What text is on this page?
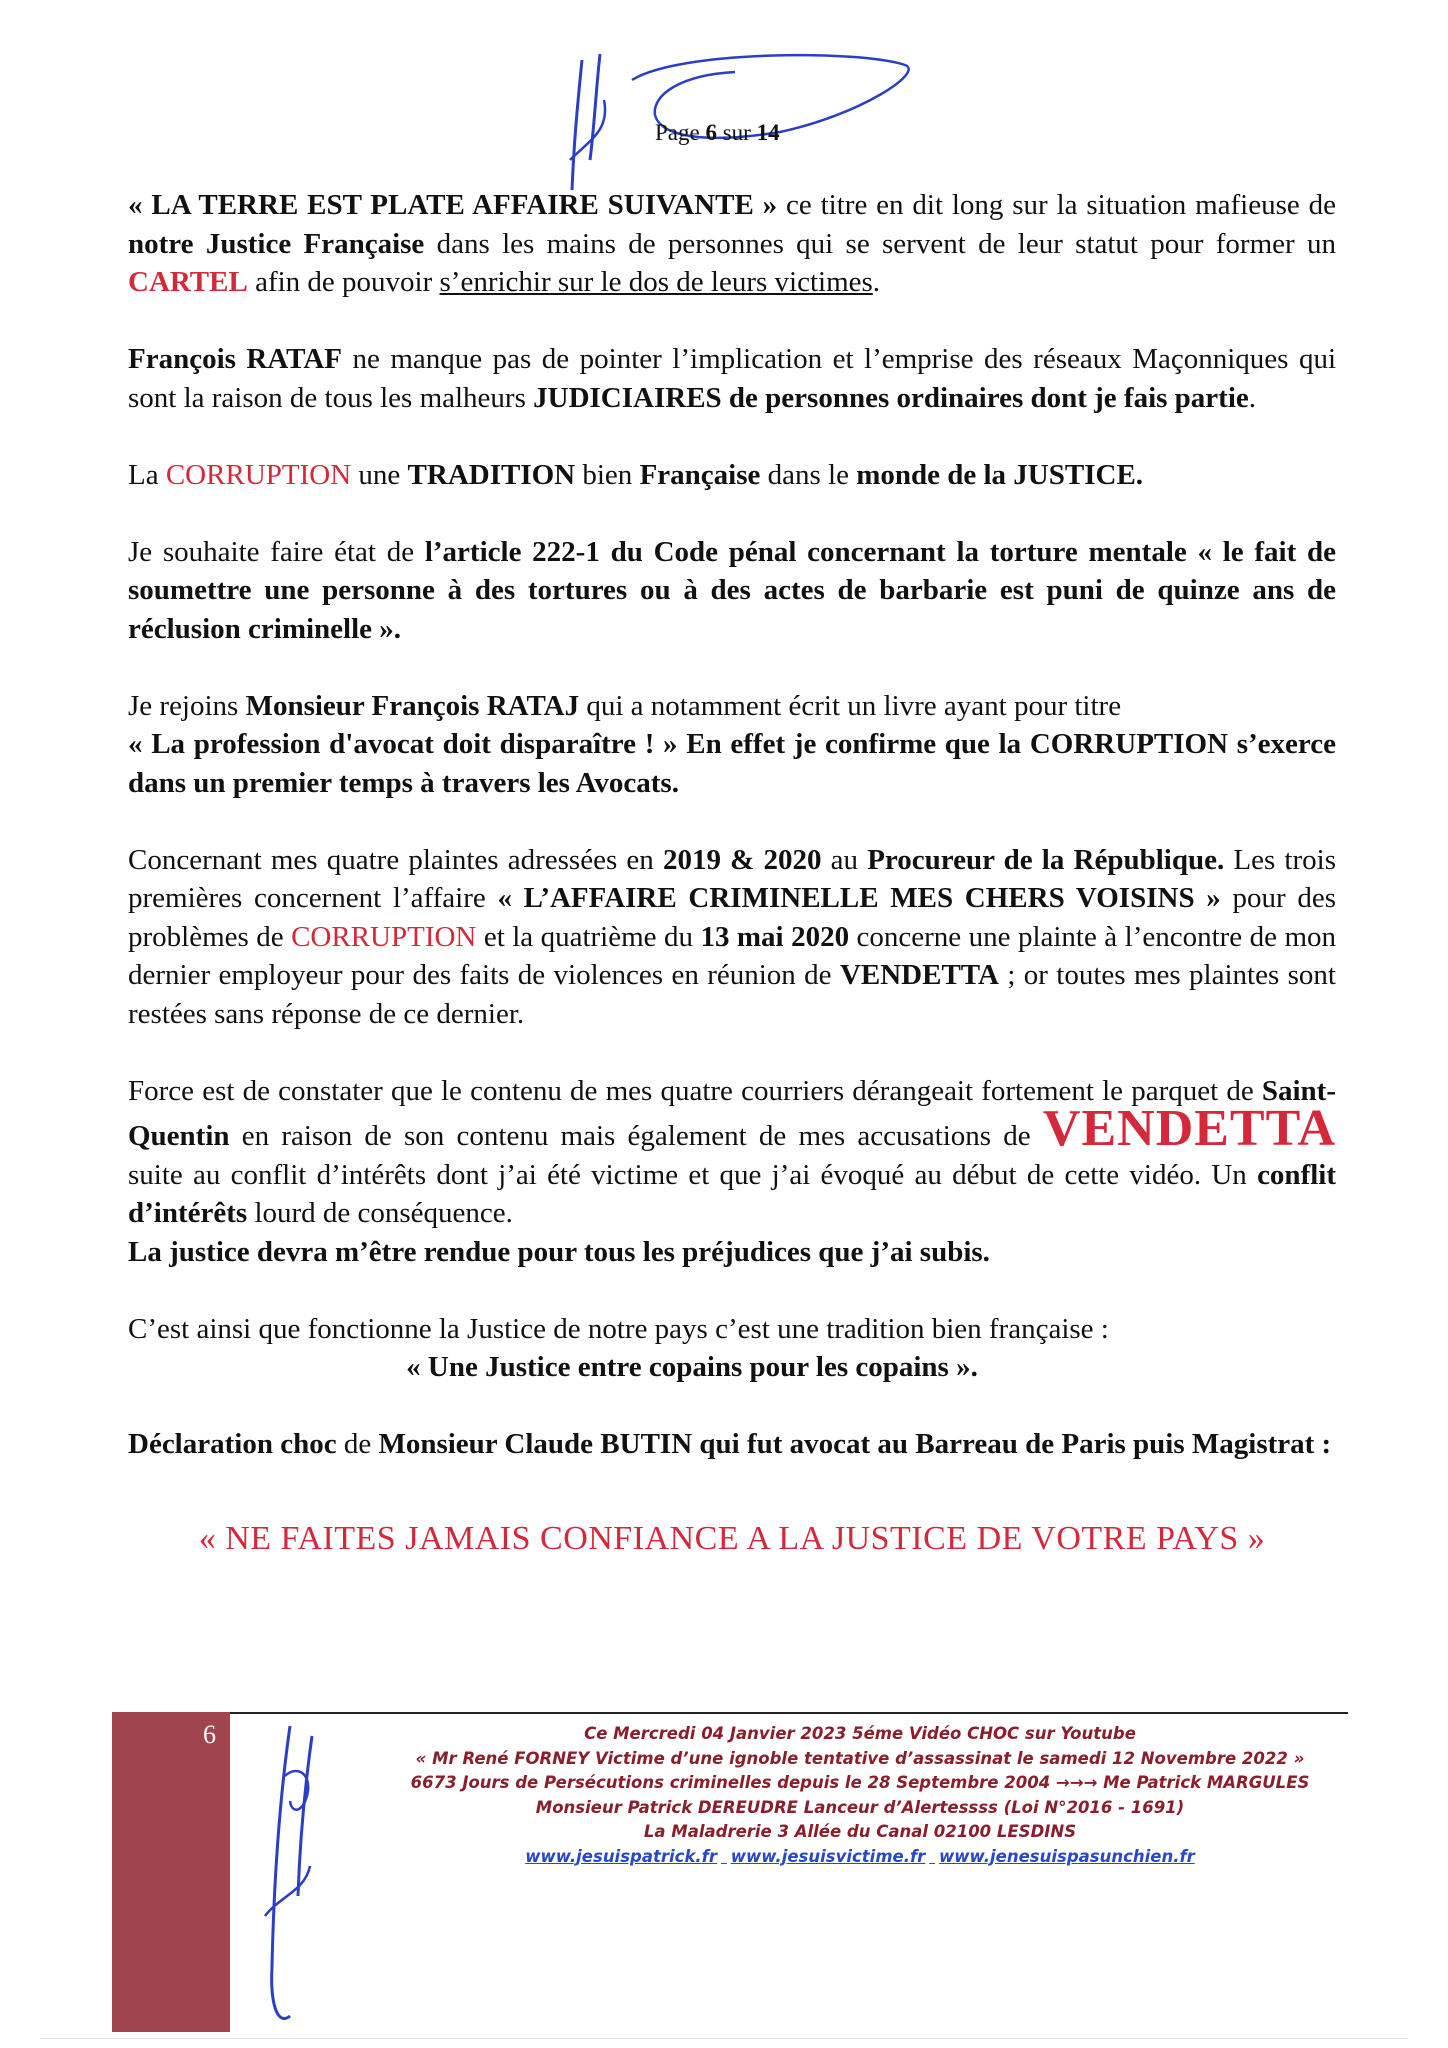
Page 6 sur 14

« LA TERRE EST PLATE AFFAIRE SUIVANTE » ce titre en dit long sur la situation mafieuse de notre Justice Française dans les mains de personnes qui se servent de leur statut pour former un CARTEL afin de pouvoir s’enrichir sur le dos de leurs victimes.

François RATAF ne manque pas de pointer l’implication et l’emprise des réseaux Maçonniques qui sont la raison de tous les malheurs JUDICIAIRES de personnes ordinaires dont je fais partie.

La CORRUPTION une TRADITION bien Française dans le monde de la JUSTICE.

Je souhaite faire état de l’article 222-1 du Code pénal concernant la torture mentale « le fait de soumettre une personne à des tortures ou à des actes de barbarie est puni de quinze ans de réclusion criminelle ».

Je rejoins Monsieur François RATAJ qui a notamment écrit un livre ayant pour titre
« La profession d'avocat doit disparaître ! » En effet je confirme que la CORRUPTION s’exerce dans un premier temps à travers les Avocats.

Concernant mes quatre plaintes adressées en 2019 & 2020 au Procureur de la République. Les trois premières concernent l’affaire « L’AFFAIRE CRIMINELLE MES CHERS VOISINS » pour des problèmes de CORRUPTION et la quatrième du 13 mai 2020 concerne une plainte à l’encontre de mon dernier employeur pour des faits de violences en réunion de VENDETTA ; or toutes mes plaintes sont restées sans réponse de ce dernier.

Force est de constater que le contenu de mes quatre courriers dérangeait fortement le parquet de Saint-Quentin en raison de son contenu mais également de mes accusations de VENDETTA suite au conflit d’intérêts dont j’ai été victime et que j’ai évoqué au début de cette vidéo. Un conflit d’intérêts lourd de conséquence.
La justice devra m’être rendue pour tous les préjudices que j’ai subis.

C’est ainsi que fonctionne la Justice de notre pays c’est une tradition bien française :

« Une Justice entre copains pour les copains ».

Déclaration choc de Monsieur Claude BUTIN qui fut avocat au Barreau de Paris puis Magistrat :

« NE FAITES JAMAIS CONFIANCE A LA JUSTICE DE VOTRE PAYS »
6	Ce Mercredi 04 Janvier 2023 5éme Vidéo CHOC sur Youtube
« Mr René FORNEY Victime d’une ignoble tentative d’assassinat le samedi 12 Novembre 2022 »
6673 Jours de Persécutions criminelles depuis le 28 Septembre 2004 →→→ Me Patrick MARGULES
Monsieur Patrick DEREUDRE Lanceur d’Alertessss (Loi N°2016 - 1691)
La Maladrerie 3 Allée du Canal 02100 LESDINS
www.jesuispatrick.fr www.jesuisvictime.fr www.jenesuispasunchien.fr
